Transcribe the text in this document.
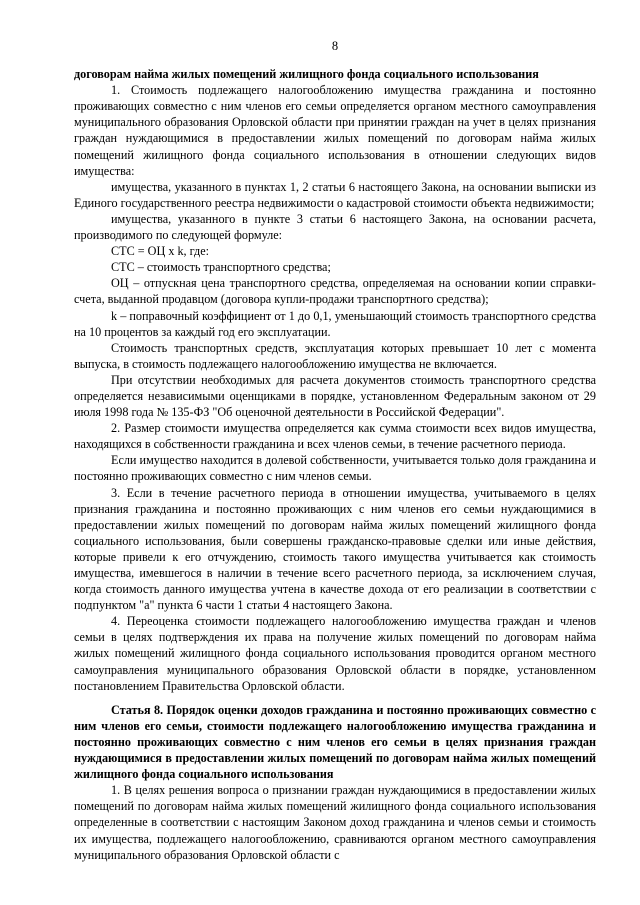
8

договорам найма жилых помещений жилищного фонда социального использования

1. Стоимость подлежащего налогообложению имущества гражданина и постоянно проживающих совместно с ним членов его семьи определяется органом местного самоуправления муниципального образования Орловской области при принятии граждан на учет в целях признания граждан нуждающимися в предоставлении жилых помещений по договорам найма жилых помещений жилищного фонда социального использования в отношении следующих видов имущества:

имущества, указанного в пунктах 1, 2 статьи 6 настоящего Закона, на основании выписки из Единого государственного реестра недвижимости о кадастровой стоимости объекта недвижимости;

имущества, указанного в пункте 3 статьи 6 настоящего Закона, на основании расчета, производимого по следующей формуле:

СТС = ОЦ x k, где:

СТС – стоимость транспортного средства;

ОЦ – отпускная цена транспортного средства, определяемая на основании копии справки-счета, выданной продавцом (договора купли-продажи транспортного средства);

k – поправочный коэффициент от 1 до 0,1, уменьшающий стоимость транспортного средства на 10 процентов за каждый год его эксплуатации.

Стоимость транспортных средств, эксплуатация которых превышает 10 лет с момента выпуска, в стоимость подлежащего налогообложению имущества не включается.

При отсутствии необходимых для расчета документов стоимость транспортного средства определяется независимыми оценщиками в порядке, установленном Федеральным законом от 29 июля 1998 года № 135-ФЗ "Об оценочной деятельности в Российской Федерации".

2. Размер стоимости имущества определяется как сумма стоимости всех видов имущества, находящихся в собственности гражданина и всех членов семьи, в течение расчетного периода.

Если имущество находится в долевой собственности, учитывается только доля гражданина и постоянно проживающих совместно с ним членов семьи.

3. Если в течение расчетного периода в отношении имущества, учитываемого в целях признания гражданина и постоянно проживающих с ним членов его семьи нуждающимися в предоставлении жилых помещений по договорам найма жилых помещений жилищного фонда социального использования, были совершены гражданско-правовые сделки или иные действия, которые привели к его отчуждению, стоимость такого имущества учитывается как стоимость имущества, имевшегося в наличии в течение всего расчетного периода, за исключением случая, когда стоимость данного имущества учтена в качестве дохода от его реализации в соответствии с подпунктом "а" пункта 6 части 1 статьи 4 настоящего Закона.

4. Переоценка стоимости подлежащего налогообложению имущества граждан и членов семьи в целях подтверждения их права на получение жилых помещений по договорам найма жилых помещений жилищного фонда социального использования проводится органом местного самоуправления муниципального образования Орловской области в порядке, установленном постановлением Правительства Орловской области.

Статья 8. Порядок оценки доходов гражданина и постоянно проживающих совместно с ним членов его семьи, стоимости подлежащего налогообложению имущества гражданина и постоянно проживающих совместно с ним членов его семьи в целях признания граждан нуждающимися в предоставлении жилых помещений по договорам найма жилых помещений жилищного фонда социального использования

1. В целях решения вопроса о признании граждан нуждающимися в предоставлении жилых помещений по договорам найма жилых помещений жилищного фонда социального использования определенные в соответствии с настоящим Законом доход гражданина и членов семьи и стоимость их имущества, подлежащего налогообложению, сравниваются органом местного самоуправления муниципального образования Орловской области с
